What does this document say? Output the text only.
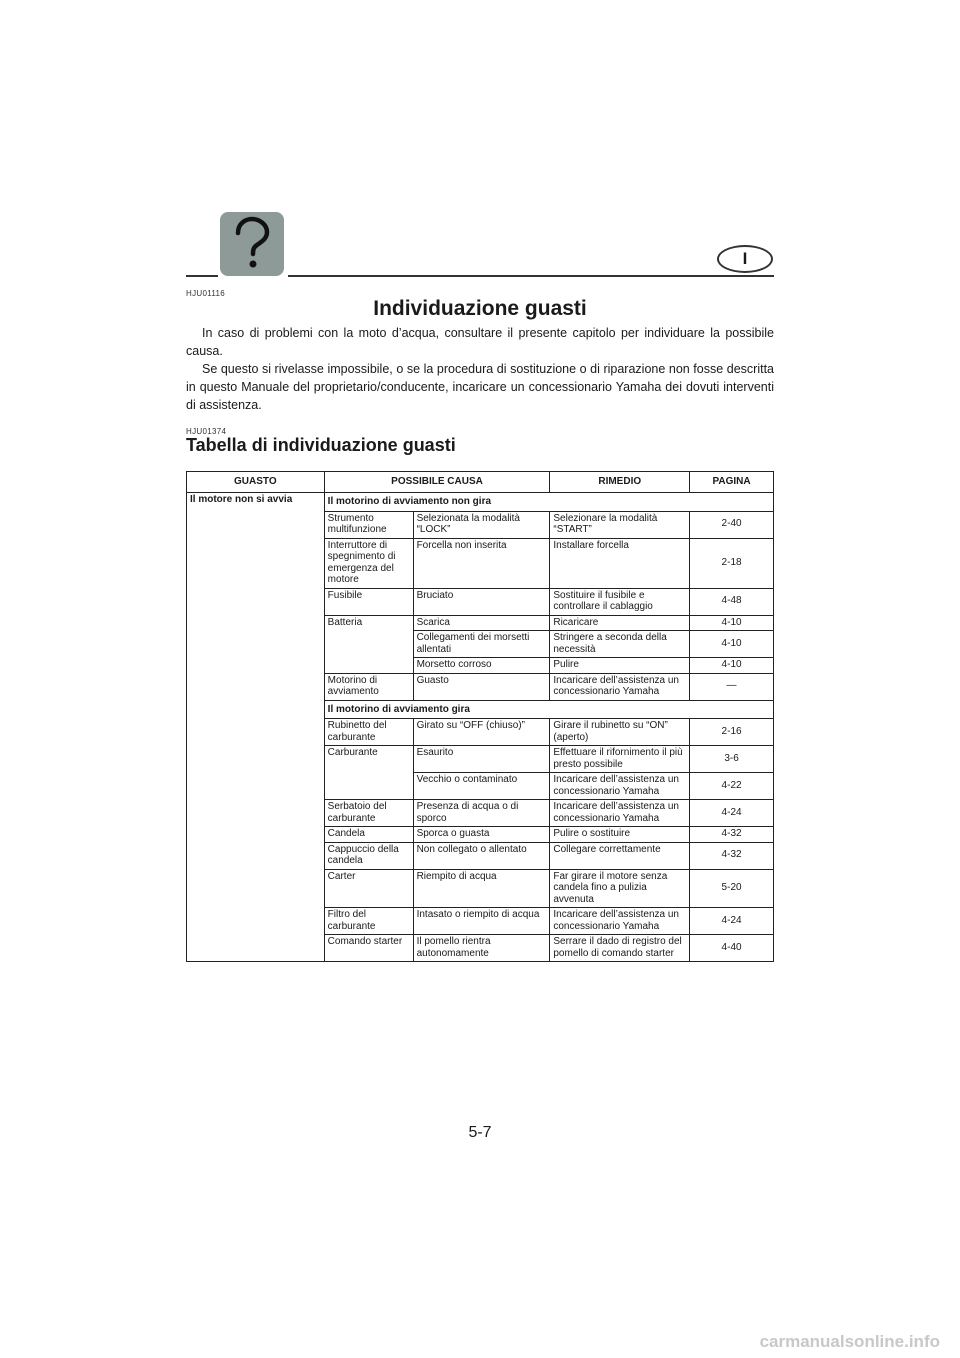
I
HJU01116
Individuazione guasti

In caso di problemi con la moto d’acqua, consultare il presente capitolo per individuare la possibile causa.

Se questo si rivelasse impossibile, o se la procedura di sostituzione o di riparazione non fosse descritta in questo Manuale del proprietario/conducente, incaricare un concessionario Yamaha dei dovuti interventi di assistenza.

HJU01374
Tabella di individuazione guasti
GUASTO	POSSIBILE CAUSA		RIMEDIO	PAGINA
Il motore non si avvia	Il motorino di avviamento non gira			
	Strumento multifunzione	Selezionata la modalità “LOCK”	Selezionare la modalità “START”	2-40
	Interruttore di spegnimento di emergenza del motore	Forcella non inserita	Installare forcella	2-18
	Fusibile	Bruciato	Sostituire il fusibile e controllare il cablaggio	4-48
	Batteria	Scarica	Ricaricare	4-10
		Collegamenti dei morsetti allentati	Stringere a seconda della necessità	4-10
		Morsetto corroso	Pulire	4-10
	Motorino di avviamento	Guasto	Incaricare dell’assistenza un concessionario Yamaha	—
	Il motorino di avviamento gira			
	Rubinetto del carburante	Girato su “OFF (chiuso)”	Girare il rubinetto su “ON” (aperto)	2-16
	Carburante	Esaurito	Effettuare il rifornimento il più presto possibile	3-6
		Vecchio o contaminato	Incaricare dell’assistenza un concessionario Yamaha	4-22
	Serbatoio del carburante	Presenza di acqua o di sporco	Incaricare dell’assistenza un concessionario Yamaha	4-24
	Candela	Sporca o guasta	Pulire o sostituire	4-32
	Cappuccio della candela	Non collegato o allentato	Collegare correttamente	4-32
	Carter	Riempito di acqua	Far girare il motore senza candela fino a pulizia avvenuta	5-20
	Filtro del carburante	Intasato o riempito di acqua	Incaricare dell’assistenza un concessionario Yamaha	4-24
	Comando starter	Il pomello rientra autonomamente	Serrare il dado di registro del pomello di comando starter	4-40
5-7
carmanualsonline.info
